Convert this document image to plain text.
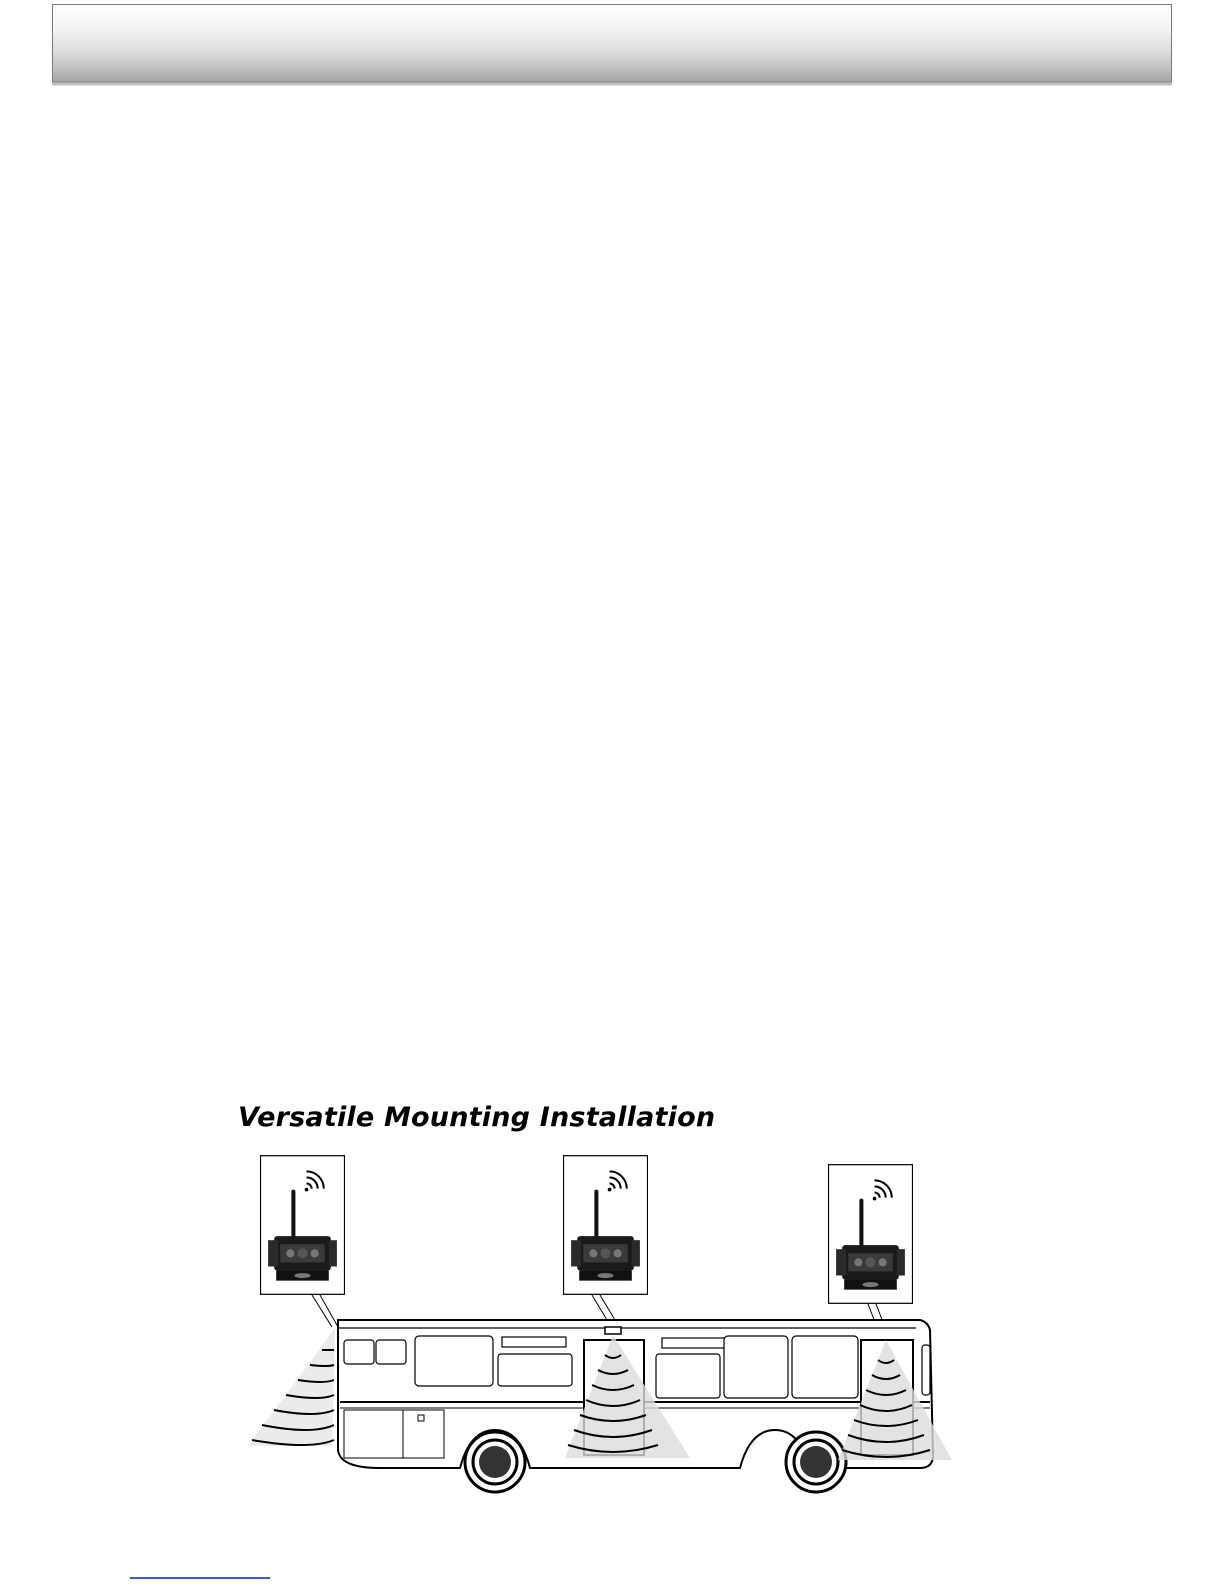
Versatile Mounting Installation
